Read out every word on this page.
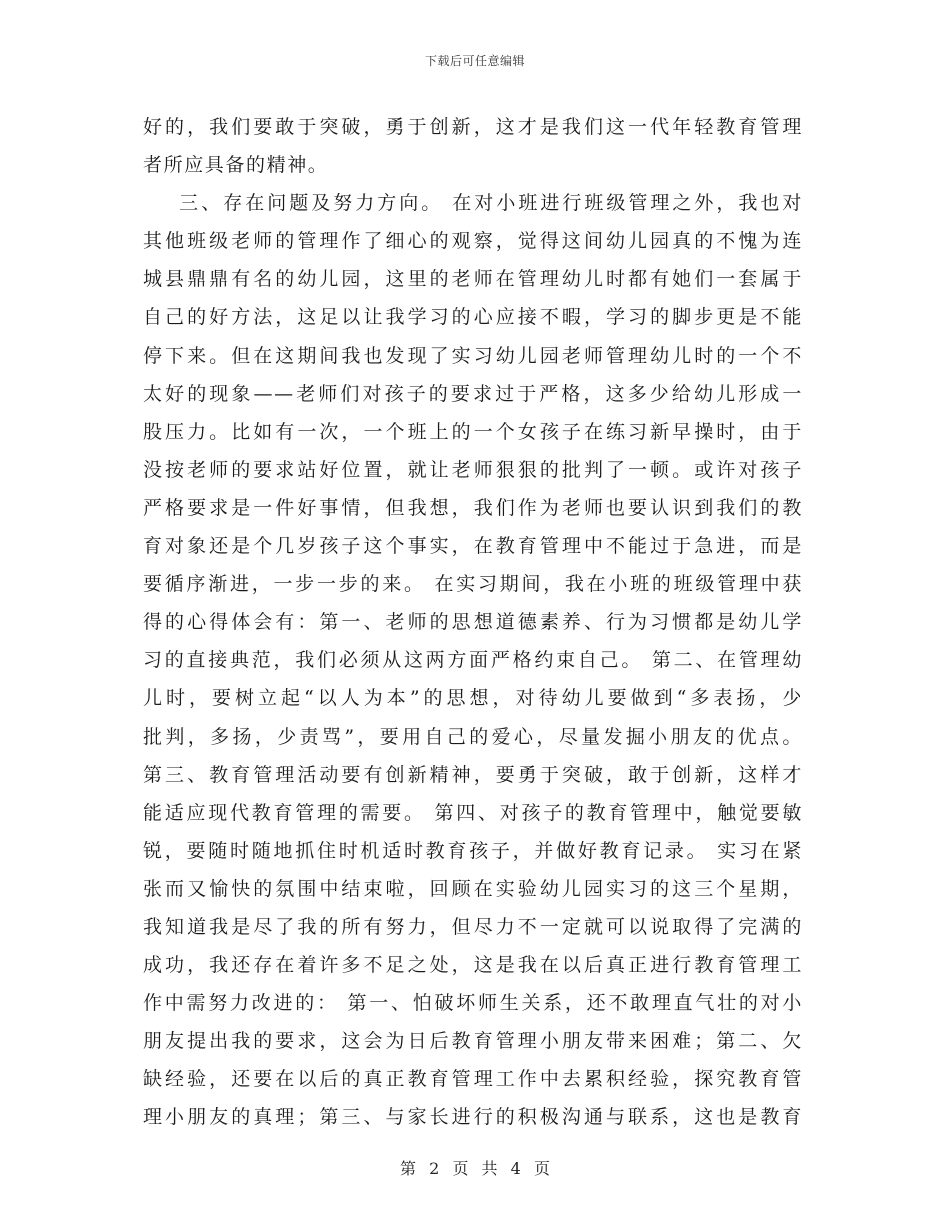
下载后可任意编辑
好的，我们要敢于突破，勇于创新，这才是我们这一代年轻教育管理
者所应具备的精神。
三、存在问题及努力方向。 在对小班进行班级管理之外，我也对
其他班级老师的管理作了细心的观察，觉得这间幼儿园真的不愧为连
城县鼎鼎有名的幼儿园，这里的老师在管理幼儿时都有她们一套属于
自己的好方法，这足以让我学习的心应接不暇，学习的脚步更是不能
停下来。但在这期间我也发现了实习幼儿园老师管理幼儿时的一个不
太好的现象——老师们对孩子的要求过于严格，这多少给幼儿形成一
股压力。比如有一次，一个班上的一个女孩子在练习新早操时，由于
没按老师的要求站好位置，就让老师狠狠的批判了一顿。或许对孩子
严格要求是一件好事情，但我想，我们作为老师也要认识到我们的教
育对象还是个几岁孩子这个事实，在教育管理中不能过于急进，而是
要循序渐进，一步一步的来。 在实习期间，我在小班的班级管理中获
得的心得体会有：第一、老师的思想道德素养、行为习惯都是幼儿学
习的直接典范，我们必须从这两方面严格约束自己。 第二、在管理幼
儿时，要树立起“以人为本”的思想，对待幼儿要做到“多表扬，少
批判，多扬，少责骂”，要用自己的爱心，尽量发掘小朋友的优点。
第三、教育管理活动要有创新精神，要勇于突破，敢于创新，这样才
能适应现代教育管理的需要。 第四、对孩子的教育管理中，触觉要敏
锐，要随时随地抓住时机适时教育孩子，并做好教育记录。 实习在紧
张而又愉快的氛围中结束啦，回顾在实验幼儿园实习的这三个星期，
我知道我是尽了我的所有努力，但尽力不一定就可以说取得了完满的
成功，我还存在着许多不足之处，这是我在以后真正进行教育管理工
作中需努力改进的： 第一、怕破坏师生关系，还不敢理直气壮的对小
朋友提出我的要求，这会为日后教育管理小朋友带来困难；第二、欠
缺经验，还要在以后的真正教育管理工作中去累积经验，探究教育管
理小朋友的真理；第三、与家长进行的积极沟通与联系，这也是教育
第 2 页 共 4 页
